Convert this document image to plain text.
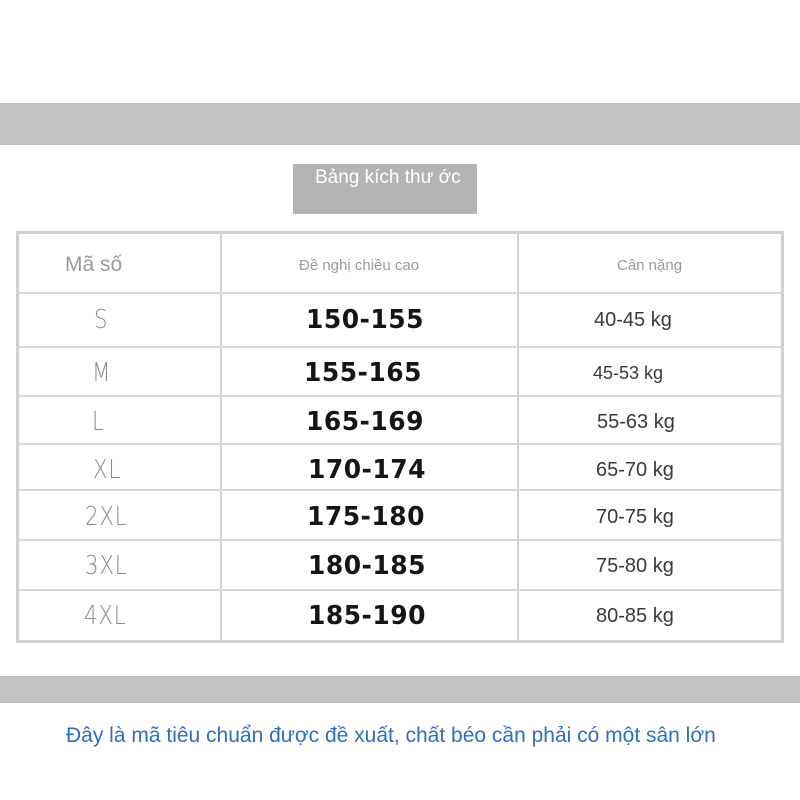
Bảng kích thư ớc
Mã số	Đề nghị chiều cao	Cân nặng
S	150-155	40-45 kg
M	155-165	45-53 kg
L	165-169	55-63 kg
XL	170-174	65-70 kg
2XL	175-180	70-75 kg
3XL	180-185	75-80 kg
4XL	185-190	80-85 kg
Đây là mã tiêu chuẩn được đề xuất, chất béo cần phải có một sân lớn
